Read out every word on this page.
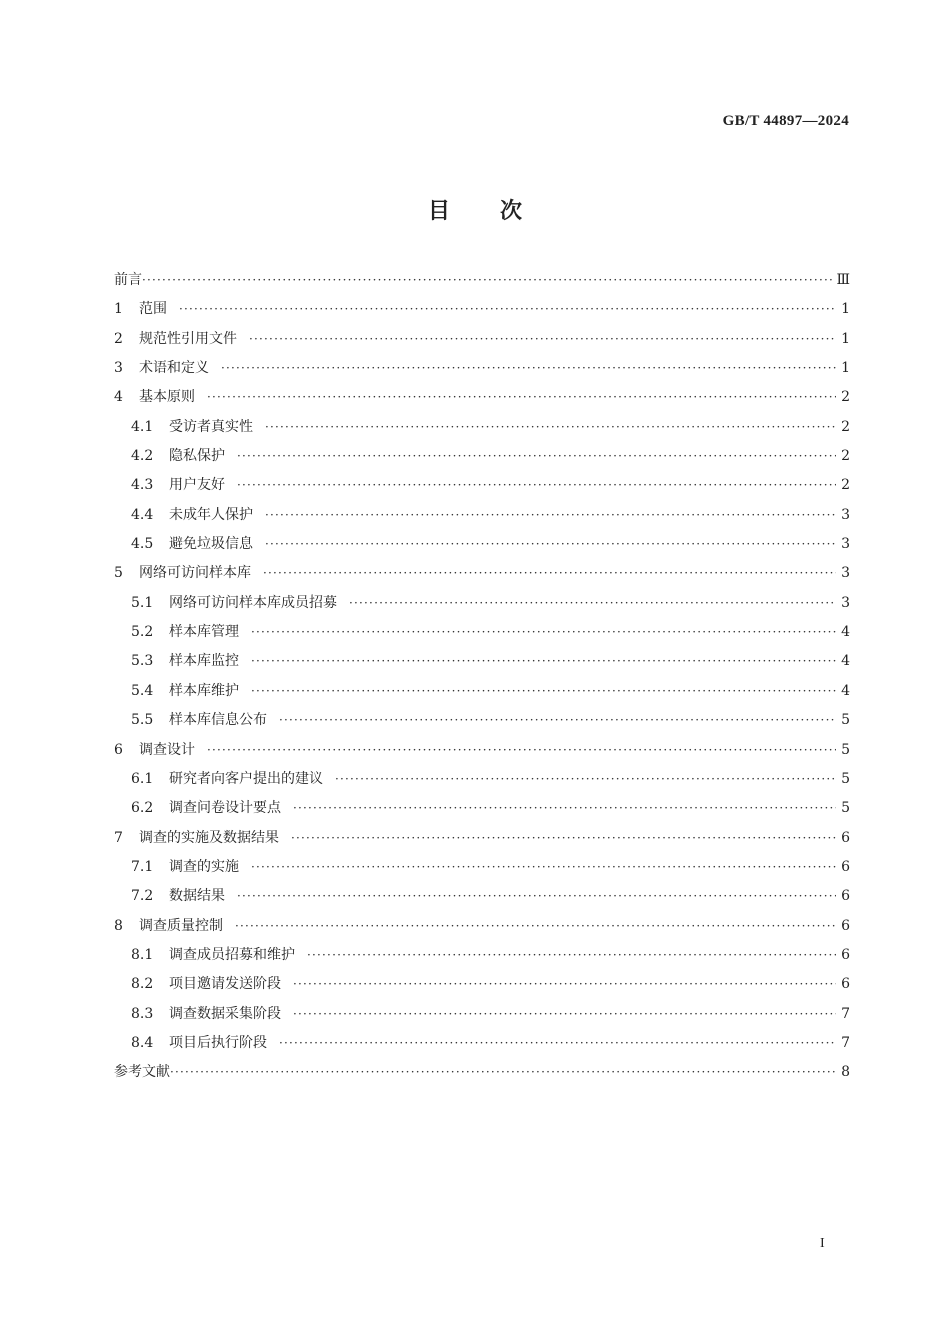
GB/T 44897—2024
目次
前言 ·····	Ⅲ
1	范围 ·····	1
2	规范性引用文件 ·····	1
3	术语和定义 ·····	1
4	基本原则 ·····	2
4.1	受访者真实性 ·····	2
4.2	隐私保护 ·····	2
4.3	用户友好 ·····	2
4.4	未成年人保护 ·····	3
4.5	避免垃圾信息 ·····	3
5	网络可访问样本库 ·····	3
5.1	网络可访问样本库成员招募 ·····	3
5.2	样本库管理 ·····	4
5.3	样本库监控 ·····	4
5.4	样本库维护 ·····	4
5.5	样本库信息公布 ·····	5
6	调查设计 ·····	5
6.1	研究者向客户提出的建议 ·····	5
6.2	调查问卷设计要点 ·····	5
7	调查的实施及数据结果 ·····	6
7.1	调查的实施 ·····	6
7.2	数据结果 ·····	6
8	调查质量控制 ·····	6
8.1	调查成员招募和维护 ·····	6
8.2	项目邀请发送阶段 ·····	6
8.3	调查数据采集阶段 ·····	7
8.4	项目后执行阶段 ·····	7
参考文献 ·····	8
I
